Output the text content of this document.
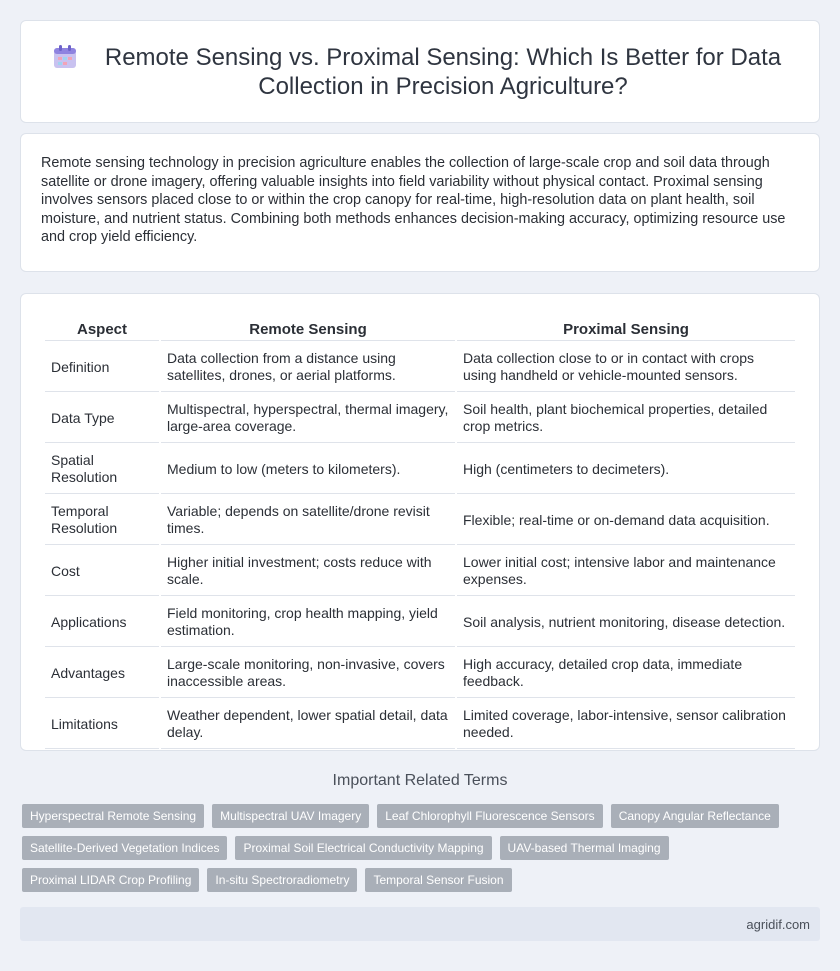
Remote Sensing vs. Proximal Sensing: Which Is Better for Data Collection in Precision Agriculture?

Remote sensing technology in precision agriculture enables the collection of large-scale crop and soil data through satellite or drone imagery, offering valuable insights into field variability without physical contact. Proximal sensing involves sensors placed close to or within the crop canopy for real-time, high-resolution data on plant health, soil moisture, and nutrient status. Combining both methods enhances decision-making accuracy, optimizing resource use and crop yield efficiency.

Aspect	Remote Sensing	Proximal Sensing
Definition	Data collection from a distance using satellites, drones, or aerial platforms.	Data collection close to or in contact with crops using handheld or vehicle-mounted sensors.
Data Type	Multispectral, hyperspectral, thermal imagery, large-area coverage.	Soil health, plant biochemical properties, detailed crop metrics.
Spatial Resolution	Medium to low (meters to kilometers).	High (centimeters to decimeters).
Temporal Resolution	Variable; depends on satellite/drone revisit times.	Flexible; real-time or on-demand data acquisition.
Cost	Higher initial investment; costs reduce with scale.	Lower initial cost; intensive labor and maintenance expenses.
Applications	Field monitoring, crop health mapping, yield estimation.	Soil analysis, nutrient monitoring, disease detection.
Advantages	Large-scale monitoring, non-invasive, covers inaccessible areas.	High accuracy, detailed crop data, immediate feedback.
Limitations	Weather dependent, lower spatial detail, data delay.	Limited coverage, labor-intensive, sensor calibration needed.
Important Related Terms
Hyperspectral Remote Sensing	Multispectral UAV Imagery	Leaf Chlorophyll Fluorescence Sensors	Canopy Angular Reflectance
Satellite-Derived Vegetation Indices	Proximal Soil Electrical Conductivity Mapping	UAV-based Thermal Imaging
Proximal LIDAR Crop Profiling	In-situ Spectroradiometry	Temporal Sensor Fusion
agridif.com
